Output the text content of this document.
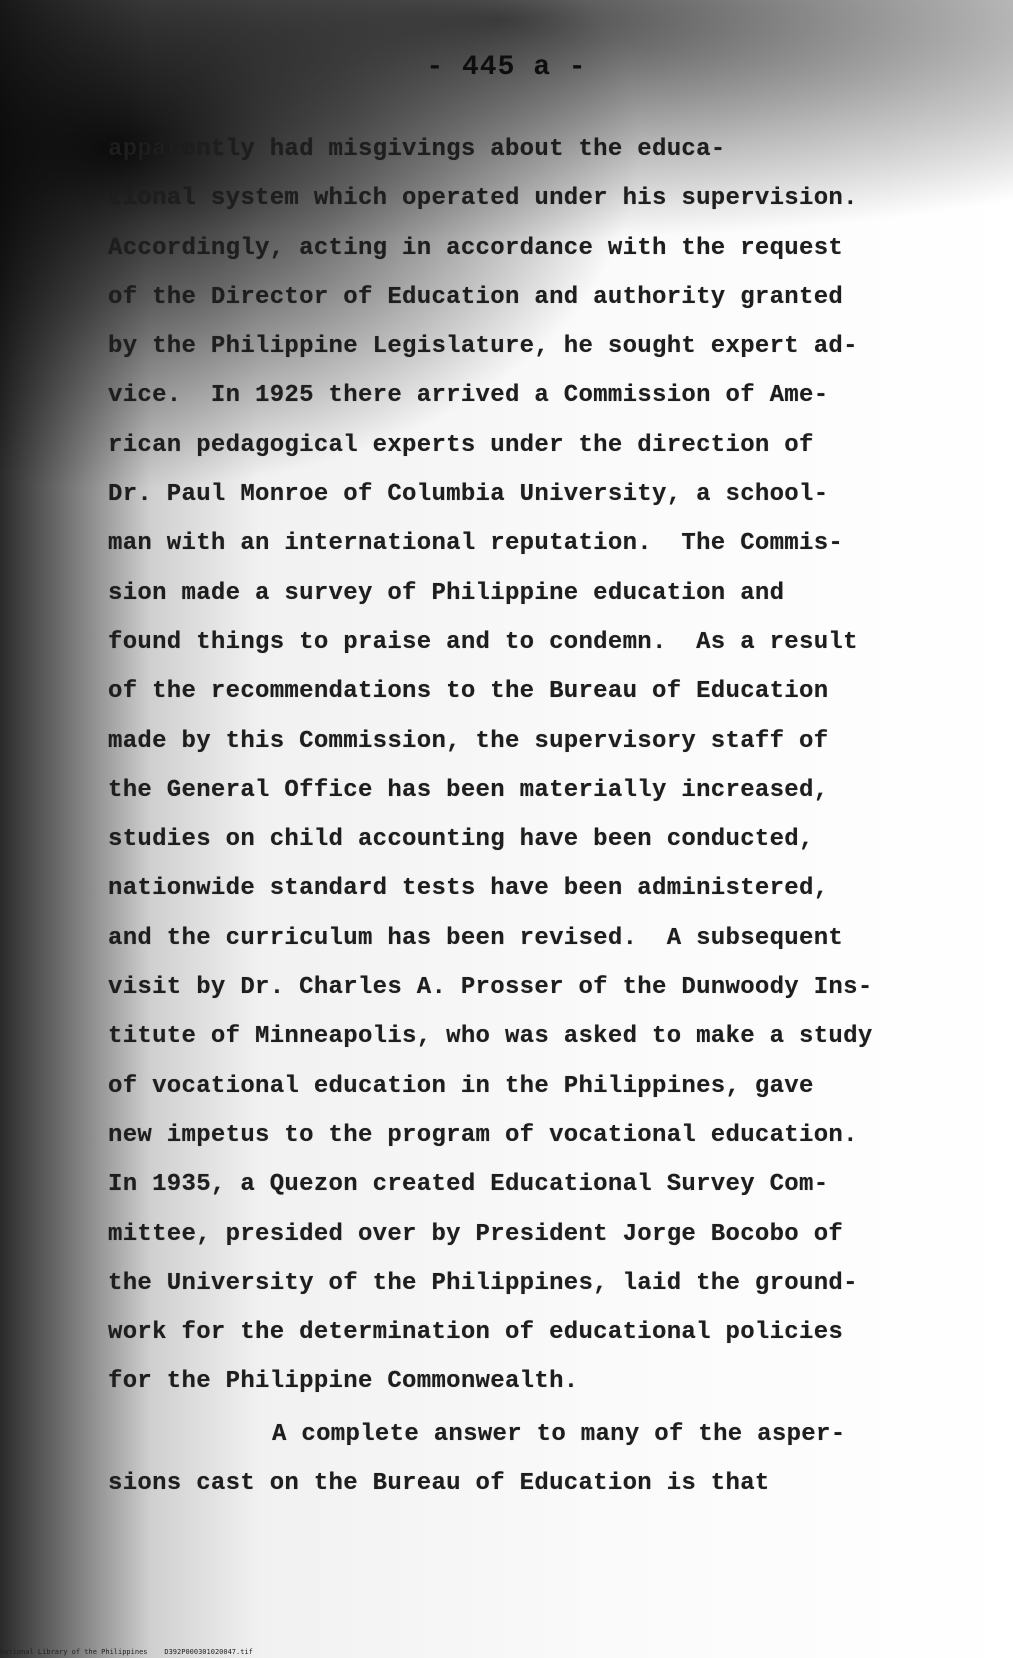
- 445 a -
apparently had misgivings about the educa-
tional system which operated under his supervision.
Accordingly, acting in accordance with the request
of the Director of Education and authority granted
by the Philippine Legislature, he sought expert ad-
vice.  In 1925 there arrived a Commission of Ame-
rican pedagogical experts under the direction of
Dr. Paul Monroe of Columbia University, a school-
man with an international reputation.  The Commis-
sion made a survey of Philippine education and
found things to praise and to condemn.  As a result
of the recommendations to the Bureau of Education
made by this Commission, the supervisory staff of
the General Office has been materially increased,
studies on child accounting have been conducted,
nationwide standard tests have been administered,
and the curriculum has been revised.  A subsequent
visit by Dr. Charles A. Prosser of the Dunwoody Ins-
titute of Minneapolis, who was asked to make a study
of vocational education in the Philippines, gave
new impetus to the program of vocational education.
In 1935, a Quezon created Educational Survey Com-
mittee, presided over by President Jorge Bocobo of
the University of the Philippines, laid the ground-
work for the determination of educational policies
for the Philippine Commonwealth.
A complete answer to many of the asper-
sions cast on the Bureau of Education is that
National Library of the Philippines D392P000301020047.tif
